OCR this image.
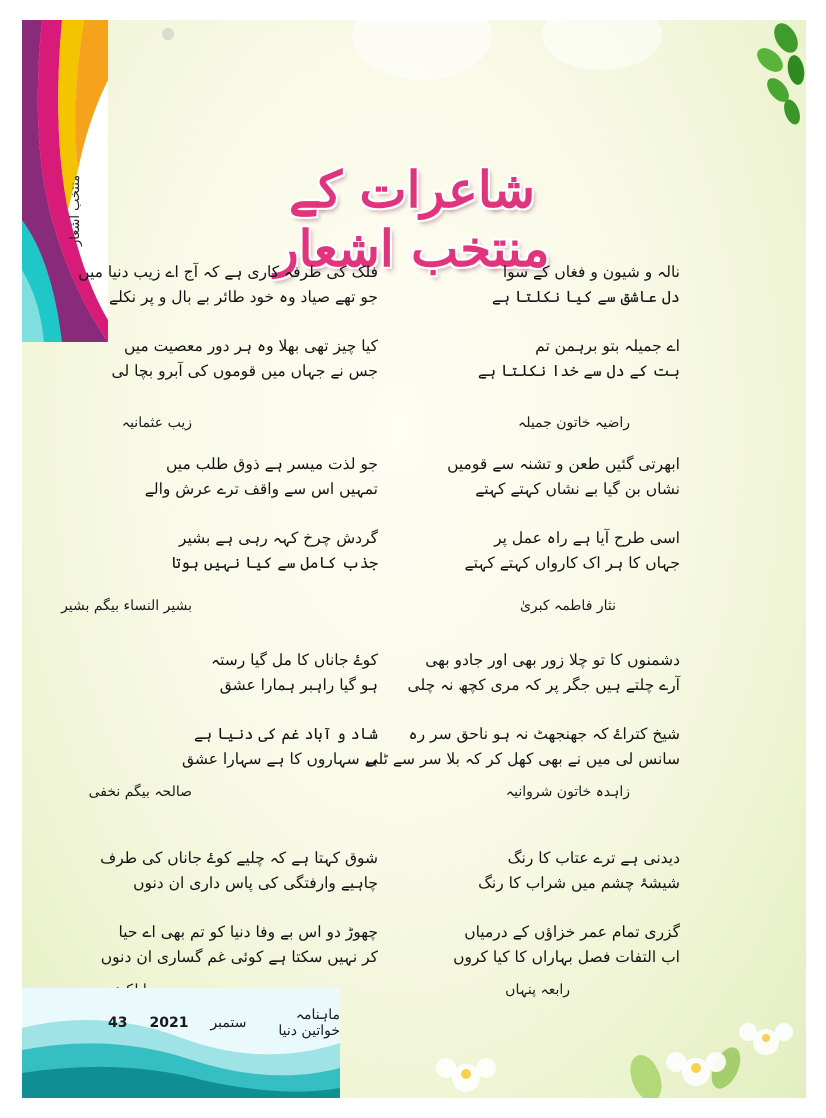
منتخب اشعار	شاعرات کے منتخب اشعار
نالہ و شیون و فغاں کے سوا
دل عاشق سے کیا نکلتا ہے
اے جمیلہ بتو برہمن تم
بت کے دل سے خدا نکلتا ہے
راضیہ خاتون جمیلہ
ابھرتی گئیں طعن و تشنہ سے قومیں
نشاں بن گیا بے نشاں کہتے کہتے
اسی طرح آیا ہے راہ عمل پر
جہاں کا ہر اک کارواں کہتے کہتے
نثار فاطمہ کبریٰ
دشمنوں کا تو چلا زور بھی اور جادو بھی
آرے چلتے ہیں جگر پر کہ مری کچھ نہ چلی
شیخ کتراۓ کہ جھنجھٹ نہ ہو ناحق سر رہ
سانس لی میں نے بھی کھل کر کہ بلا سر سے ٹلی
زاہدہ خاتون شروانیہ
دیدنی ہے ترے عتاب کا رنگ
شیشۂ چشم میں شراب کا رنگ
گزری تمام عمر خزاؤں کے درمیاں
اب التفات فصل بہاراں کا کیا کروں
رابعہ پنہاں
فلک کی طرفہ کاری ہے کہ آج اے زیب دنیا میں
جو تھے صیاد وہ خود طائر بے بال و پر نکلے
کیا چیز تھی بھلا وہ ہر دور معصیت میں
جس نے جہاں میں قوموں کی آبرو بچا لی
زیب عثمانیہ
جو لذت میسر ہے ذوق طلب میں
تمہیں اس سے واقف ترے عرش والے
گردش چرخ کہہ رہی ہے بشیر
جذب کامل سے کیا نہیں ہوتا
بشیر النساء بیگم بشیر
کوۓ جاناں کا مل گیا رستہ
ہو گیا راہبر ہمارا عشق
شاد و آباد غم کی دنیا ہے
بے سہاروں کا ہے سہارا عشق
صالحہ بیگم نخفی
شوق کہتا ہے کہ چلیے کوۓ جاناں کی طرف
چاہیے وارفتگی کی پاس داری ان دنوں
چھوڑ دو اس بے وفا دنیا کو تم بھی اے حیا
کر نہیں سکتا ہے کوئی غم گساری ان دنوں
43 2021 ستمبر	ماہنامہ خواتین دنیا
